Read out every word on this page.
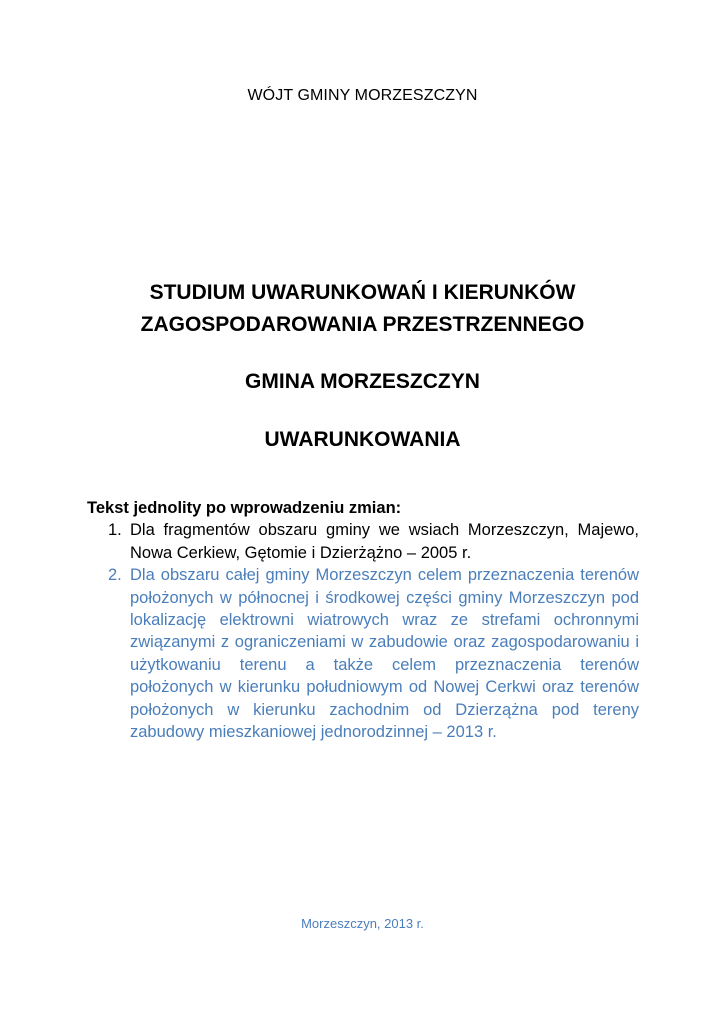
WÓJT GMINY MORZESZCZYN
STUDIUM UWARUNKOWAŃ I KIERUNKÓW
ZAGOSPODAROWANIA PRZESTRZENNEGO
GMINA MORZESZCZYN
UWARUNKOWANIA
Tekst jednolity po wprowadzeniu zmian:
1. Dla fragmentów obszaru gminy we wsiach Morzeszczyn, Majewo, Nowa Cerkiew, Gętomie i Dzierżążno – 2005 r.
2. Dla obszaru całej gminy Morzeszczyn celem przeznaczenia terenów położonych w północnej i środkowej części gminy Morzeszczyn pod lokalizację elektrowni wiatrowych wraz ze strefami ochronnymi związanymi z ograniczeniami w zabudowie oraz zagospodarowaniu i użytkowaniu terenu a także celem przeznaczenia terenów położonych w kierunku południowym od Nowej Cerkwi oraz terenów położonych w kierunku zachodnim od Dzierzążna pod tereny zabudowy mieszkaniowej jednorodzinnej – 2013 r.
Morzeszczyn, 2013 r.
